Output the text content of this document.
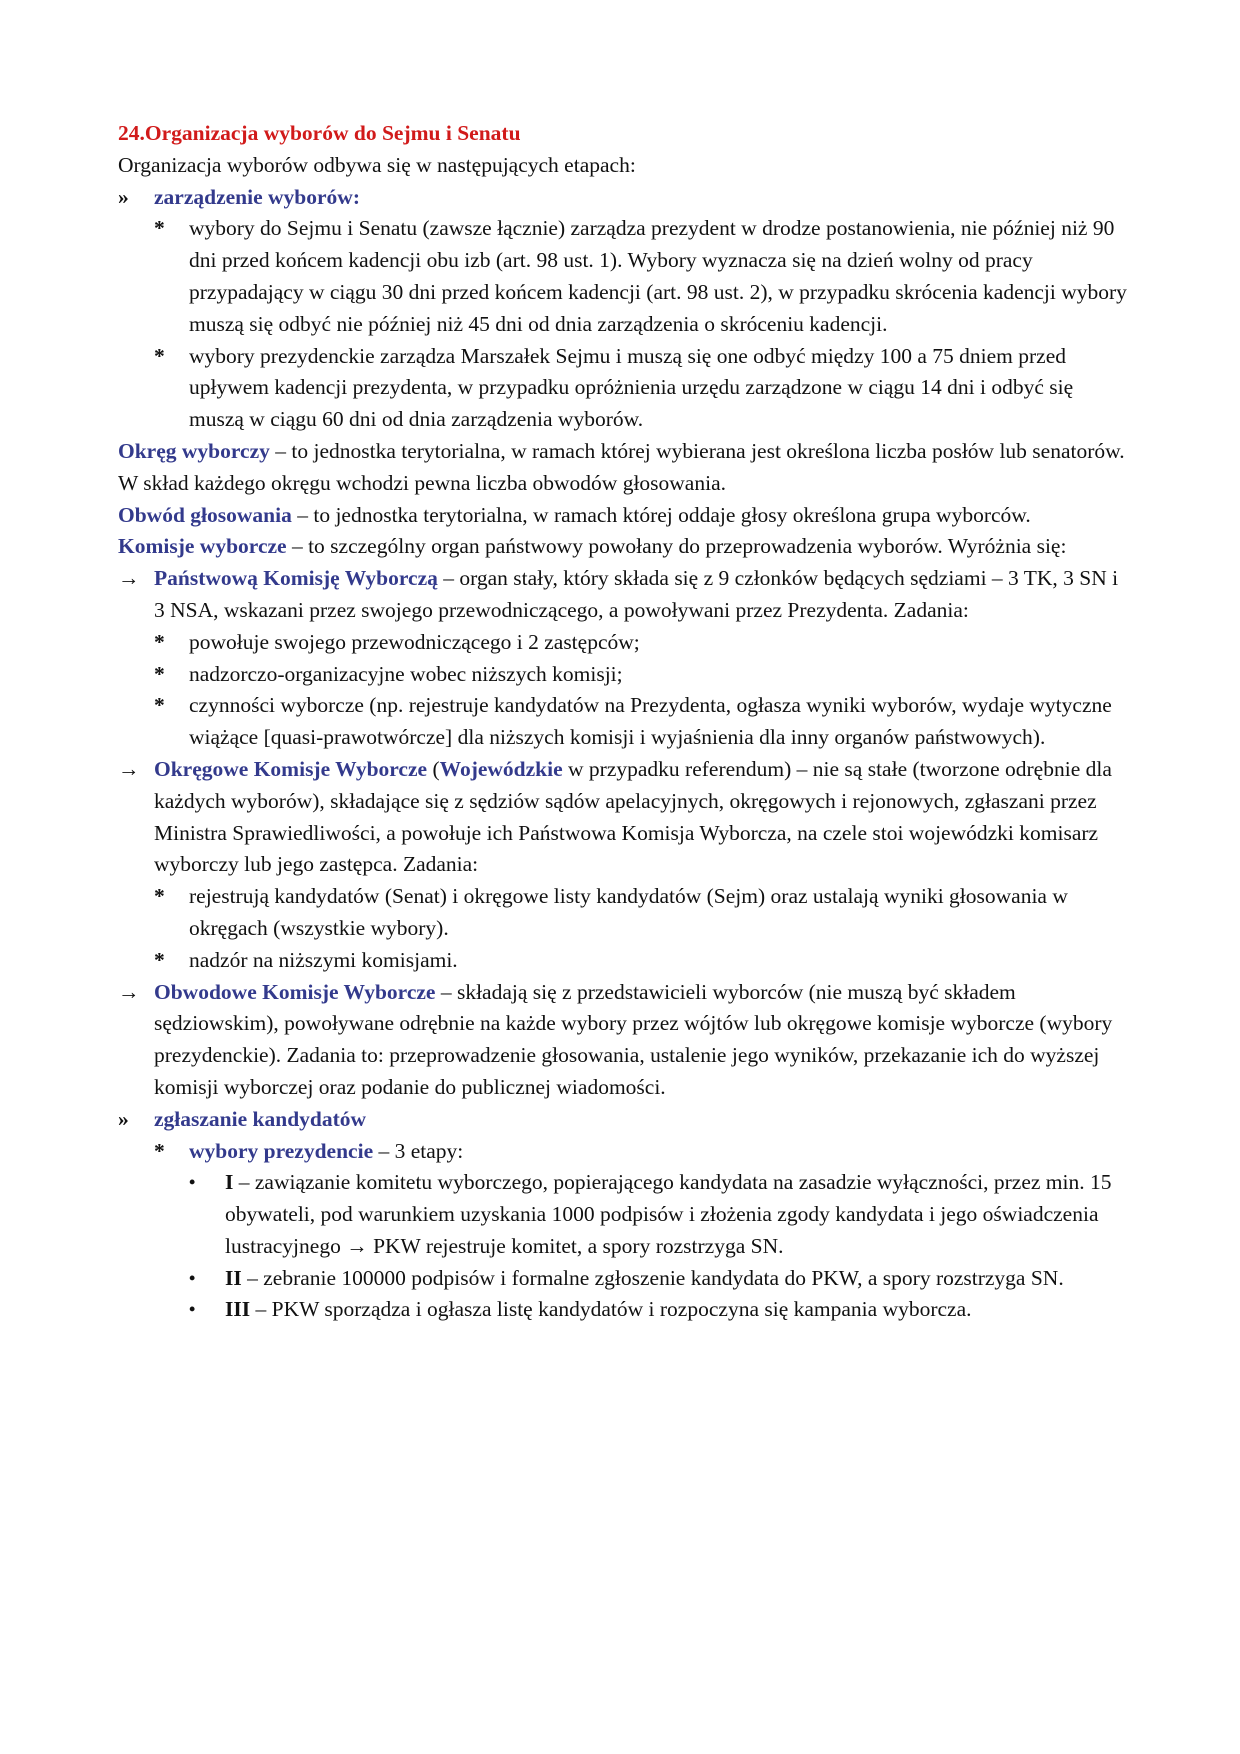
24.Organizacja wyborów do Sejmu i Senatu

Organizacja wyborów odbywa się w następujących etapach:

» zarządzenie wyborów:
* wybory do Sejmu i Senatu (zawsze łącznie) zarządza prezydent w drodze postanowienia, nie później niż 90 dni przed końcem kadencji obu izb (art. 98 ust. 1). Wybory wyznacza się na dzień wolny od pracy przypadający w ciągu 30 dni przed końcem kadencji (art. 98 ust. 2), w przypadku skrócenia kadencji wybory muszą się odbyć nie później niż 45 dni od dnia zarządzenia o skróceniu kadencji.
* wybory prezydenckie zarządza Marszałek Sejmu i muszą się one odbyć między 100 a 75 dniem przed upływem kadencji prezydenta, w przypadku opróżnienia urzędu zarządzone w ciągu 14 dni i odbyć się muszą w ciągu 60 dni od dnia zarządzenia wyborów.

Okręg wyborczy – to jednostka terytorialna, w ramach której wybierana jest określona liczba posłów lub senatorów. W skład każdego okręgu wchodzi pewna liczba obwodów głosowania.

Obwód głosowania – to jednostka terytorialna, w ramach której oddaje głosy określona grupa wyborców.

Komisje wyborcze – to szczególny organ państwowy powołany do przeprowadzenia wyborów. Wyróżnia się:

→ Państwową Komisję Wyborczą – organ stały, który składa się z 9 członków będących sędziami – 3 TK, 3 SN i 3 NSA, wskazani przez swojego przewodniczącego, a powoływani przez Prezydenta. Zadania:
* powołuje swojego przewodniczącego i 2 zastępców;
* nadzorczo-organizacyjne wobec niższych komisji;
* czynności wyborcze (np. rejestruje kandydatów na Prezydenta, ogłasza wyniki wyborów, wydaje wytyczne wiążące [quasi-prawotwórcze] dla niższych komisji i wyjaśnienia dla inny organów państwowych).
→ Okręgowe Komisje Wyborcze (Wojewódzkie w przypadku referendum) – nie są stałe (tworzone odrębnie dla każdych wyborów), składające się z sędziów sądów apelacyjnych, okręgowych i rejonowych, zgłaszani przez Ministra Sprawiedliwości, a powołuje ich Państwowa Komisja Wyborcza, na czele stoi wojewódzki komisarz wyborczy lub jego zastępca. Zadania:
* rejestrują kandydatów (Senat) i okręgowe listy kandydatów (Sejm) oraz ustalają wyniki głosowania w okręgach (wszystkie wybory).
* nadzór na niższymi komisjami.
→ Obwodowe Komisje Wyborcze – składają się z przedstawicieli wyborców (nie muszą być składem sędziowskim), powoływane odrębnie na każde wybory przez wójtów lub okręgowe komisje wyborcze (wybory prezydenckie). Zadania to: przeprowadzenie głosowania, ustalenie jego wyników, przekazanie ich do wyższej komisji wyborczej oraz podanie do publicznej wiadomości.
» zgłaszanie kandydatów
* wybory prezydencie – 3 etapy:
• I – zawiązanie komitetu wyborczego, popierającego kandydata na zasadzie wyłączności, przez min. 15 obywateli, pod warunkiem uzyskania 1000 podpisów i złożenia zgody kandydata i jego oświadczenia lustracyjnego → PKW rejestruje komitet, a spory rozstrzyga SN.
• II – zebranie 100000 podpisów i formalne zgłoszenie kandydata do PKW, a spory rozstrzyga SN.
• III – PKW sporządza i ogłasza listę kandydatów i rozpoczyna się kampania wyborcza.
